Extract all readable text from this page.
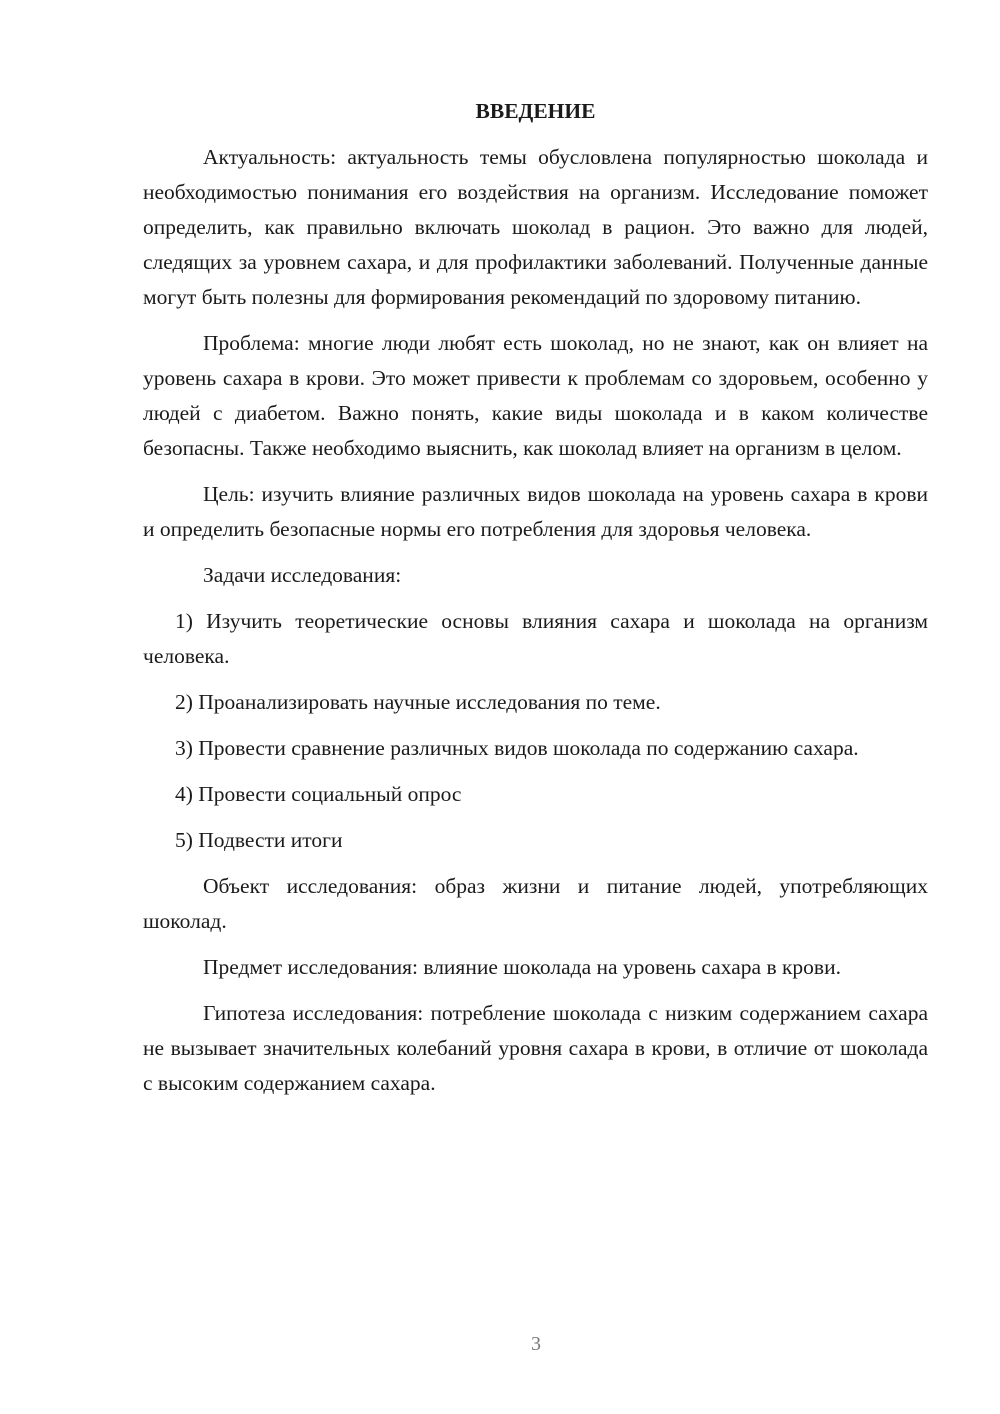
ВВЕДЕНИЕ

Актуальность: актуальность темы обусловлена популярностью шоколада и необходимостью понимания его воздействия на организм. Исследование поможет определить, как правильно включать шоколад в рацион. Это важно для людей, следящих за уровнем сахара, и для профилактики заболеваний. Полученные данные могут быть полезны для формирования рекомендаций по здоровому питанию.

Проблема: многие люди любят есть шоколад, но не знают, как он влияет на уровень сахара в крови. Это может привести к проблемам со здоровьем, особенно у людей с диабетом. Важно понять, какие виды шоколада и в каком количестве безопасны. Также необходимо выяснить, как шоколад влияет на организм в целом.

Цель: изучить влияние различных видов шоколада на уровень сахара в крови и определить безопасные нормы его потребления для здоровья человека.

Задачи исследования:

1) Изучить теоретические основы влияния сахара и шоколада на организм человека.

2) Проанализировать научные исследования по теме.

3) Провести сравнение различных видов шоколада по содержанию сахара.

4) Провести социальный опрос

5) Подвести итоги

Объект исследования: образ жизни и питание людей, употребляющих шоколад.

Предмет исследования: влияние шоколада на уровень сахара в крови.

Гипотеза исследования: потребление шоколада с низким содержанием сахара не вызывает значительных колебаний уровня сахара в крови, в отличие от шоколада с высоким содержанием сахара.

3
